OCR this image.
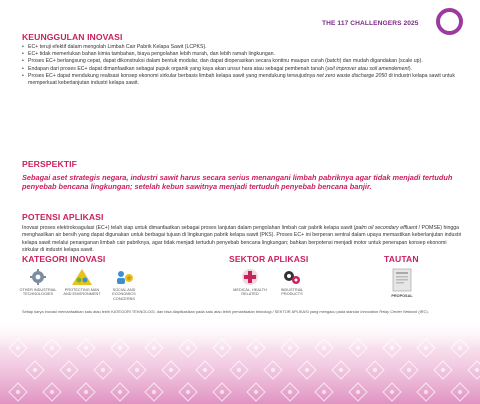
THE 117 CHALLENGERS 2025
KEUNGGULAN INOVASI
• EC+ teruji efektif dalam mengolah Limbah Cair Pabrik Kelapa Sawit (LCPKS).
• EC+ tidak memerlukan bahan kimia tambahan, biaya pengolahan lebih murah, dan lebih ramah lingkungan.
• Proses EC+ berlangsung cepat, dapat dikonstruksi dalam bentuk modular, dan dapat dioperasikan secara kontinu maupun curah (batch) dan mudah digandakan (scale up).
• Endapan dari proses EC+ dapat dimanfaatkan sebagai pupuk organik yang kaya akan unsur hara atau sebagai pembenah tanah (soil improver atau soil amendement).
• Proses EC+ dapat mendukung realisasi konsep ekonomi sirkular berbasis limbah kelapa sawit yang mendukung terwujudnya net zero waste discharge 2050 di industri kelapa sawit untuk memperkuat keberlanjutan industri kelapa sawit.
PERSPEKTIF
Sebagai aset strategis negara, industri sawit harus secara serius menangani limbah pabriknya agar tidak menjadi tertuduh penyebab bencana lingkungan; setelah kebun sawitnya menjadi tertuduh penyebab bencana banjir.
POTENSI APLIKASI
Inovasi proses elektrokoagulasi (EC+) telah siap untuk dimanfaatkan sebagai proses lanjutan dalam pengolahan limbah cair pabrik kelapa sawit (palm oil secondary effluent / POMSE) hingga menghasilkan air bersih yang dapat digunakan untuk berbagai tujuan di lingkungan pabrik kelapa sawit (PKS). Proses EC+ ini berperan sentral dalam upaya memastikan keberlanjutan industri kelapa sawit melalui penanganan limbah cair pabriknya, agar tidak menjadi tertuduh penyebab bencana lingkungan; bahkan berpotensi menjadi motor untuk penerapan konsep ekonomi sirkular di industri kelapa sawit.
KATEGORI INOVASI
OTHER INDUSTRIAL
TECHNOLOGIES
PROTECTING MAN
AND ENVIRONMENT
SOCIAL AND
ECONOMICS
CONCERNS
SEKTOR APLIKASI
MEDICAL, HEALTH
RELATED
INDUSTRIAL
PRODUCTS
TAUTAN
PROPOSAL
Setiap karya inovasi memanfaatkan satu atau lebih KATEGORI TEKNOLOGI, dan bisa diaplikasikan pada satu atau lebih pemanfaatan teknologi / SEKTOR APLIKASI yang mengacu pada standar Innovation Relay Center Network (IRC).
